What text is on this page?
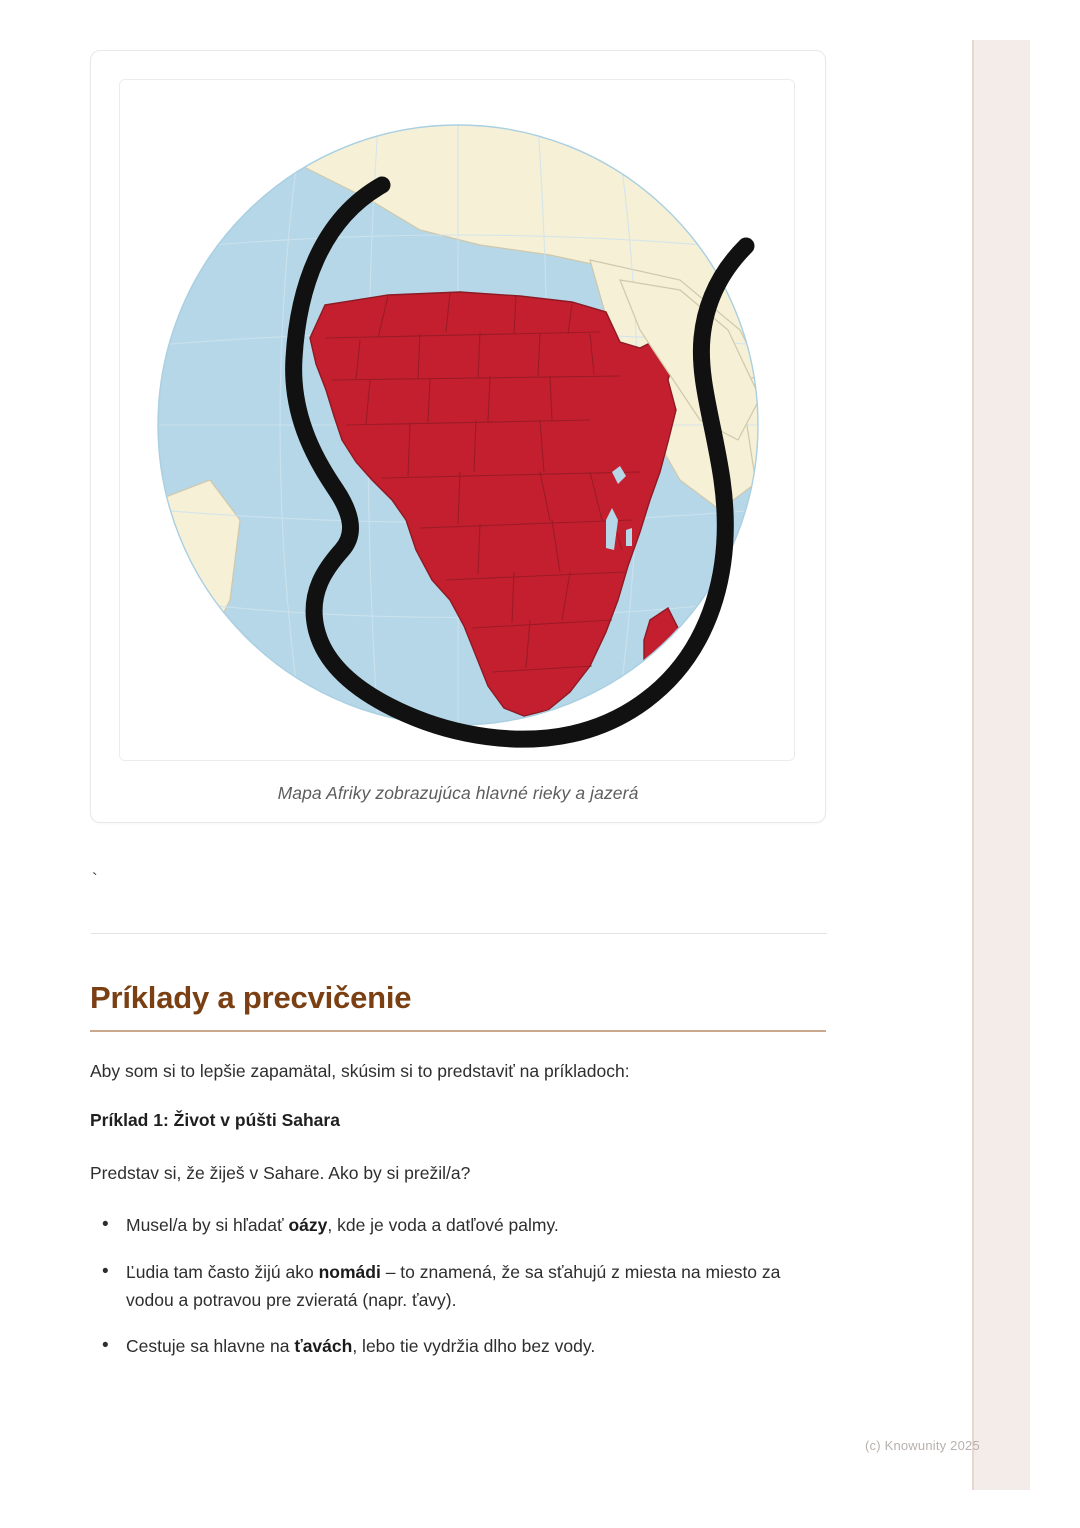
Mapa Afriky zobrazujúca hlavné rieky a jazerá
`
Príklady a precvičenie

Aby som si to lepšie zapamätal, skúsim si to predstaviť na príkladoch:

Príklad 1: Život v púšti Sahara

Predstav si, že žiješ v Sahare. Ako by si prežil/a?

• Musel/a by si hľadať oázy, kde je voda a datľové palmy.
• Ľudia tam často žijú ako nomádi – to znamená, že sa sťahujú z miesta na miesto za vodou a potravou pre zvieratá (napr. ťavy).
• Cestuje sa hlavne na ťavách, lebo tie vydržia dlho bez vody.
(c) Knowunity 2025
